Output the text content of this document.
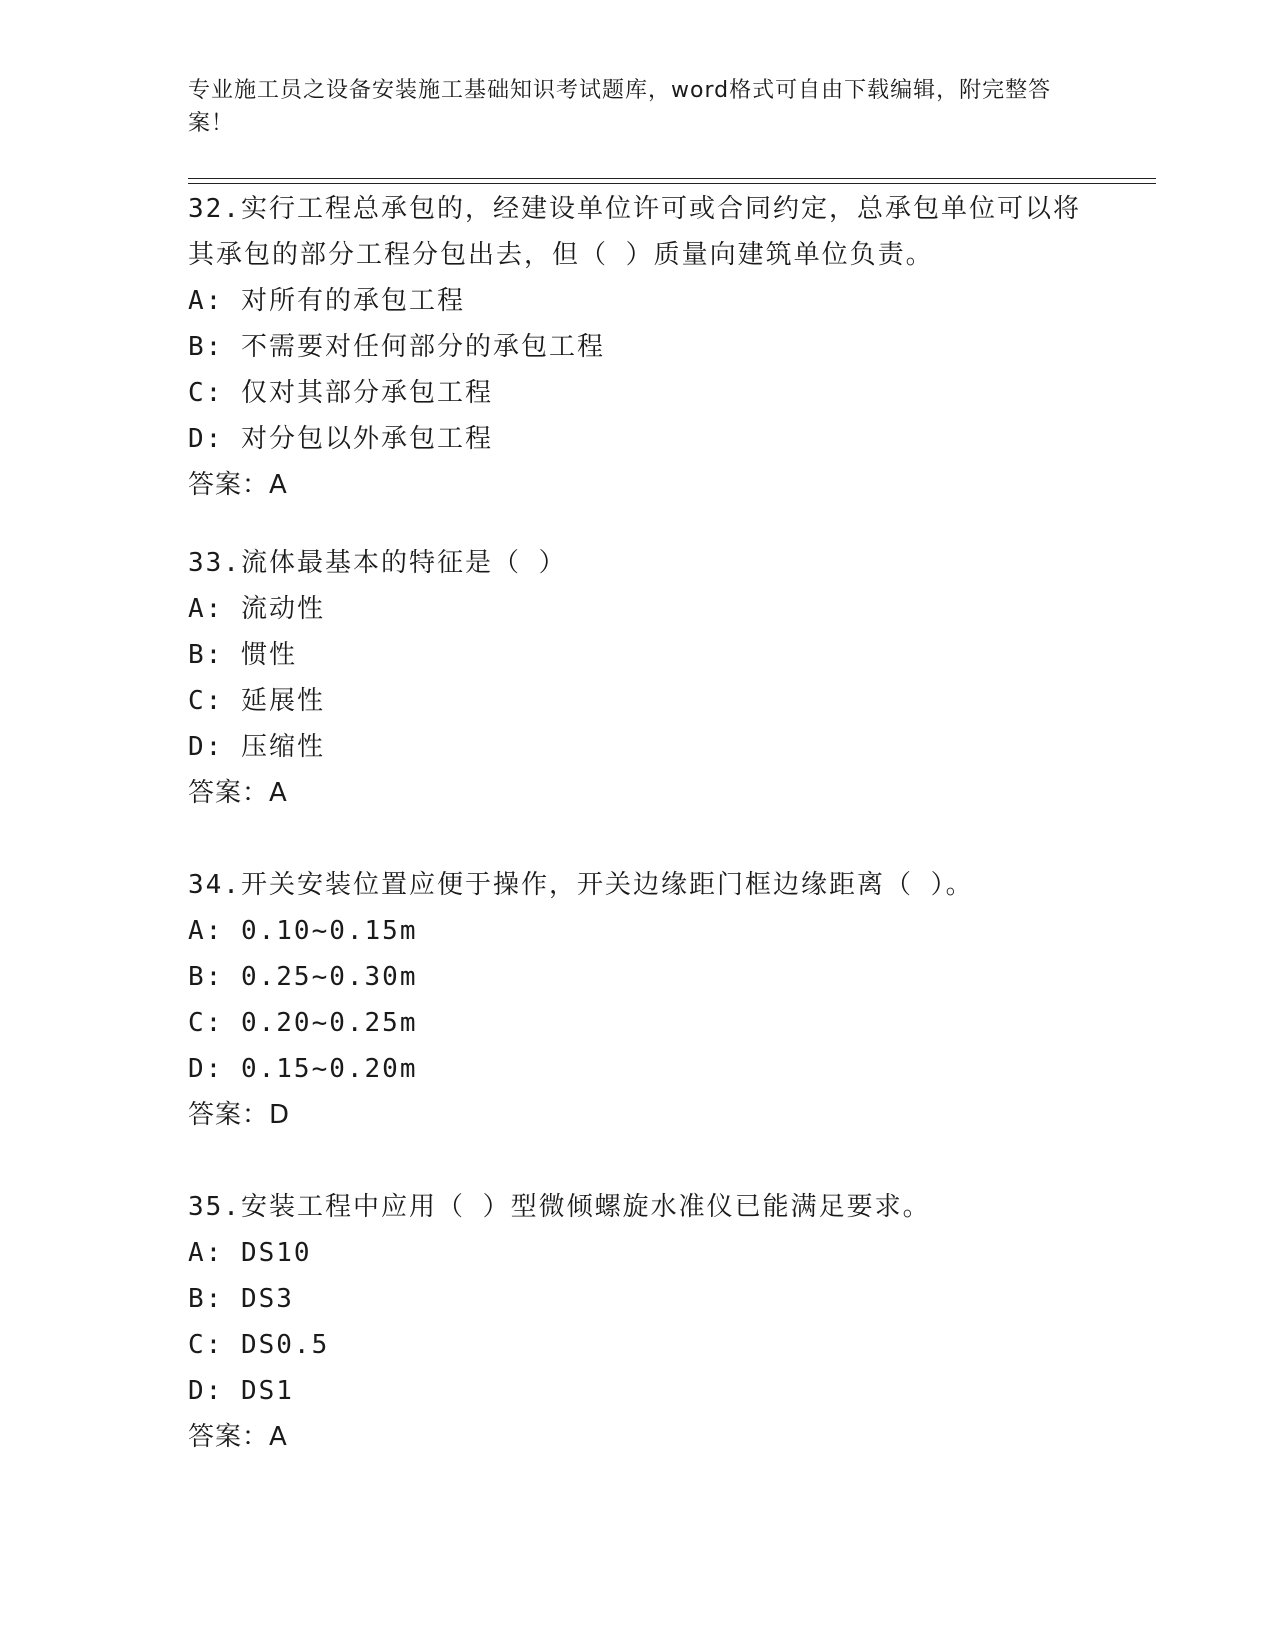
专业施工员之设备安装施工基础知识考试题库，word格式可自由下载编辑，附完整答案！
32.实行工程总承包的，经建设单位许可或合同约定，总承包单位可以将其承包的部分工程分包出去，但（ ）质量向建筑单位负责。
A: 对所有的承包工程
B: 不需要对任何部分的承包工程
C: 仅对其部分承包工程
D: 对分包以外承包工程
答案：A
33.流体最基本的特征是（ ）
A: 流动性
B: 惯性
C: 延展性
D: 压缩性
答案：A
34.开关安装位置应便于操作，开关边缘距门框边缘距离（ ）。
A: 0.10~0.15m
B: 0.25~0.30m
C: 0.20~0.25m
D: 0.15~0.20m
答案：D
35.安装工程中应用（ ）型微倾螺旋水准仪已能满足要求。
A: DS10
B: DS3
C: DS0.5
D: DS1
答案：A
